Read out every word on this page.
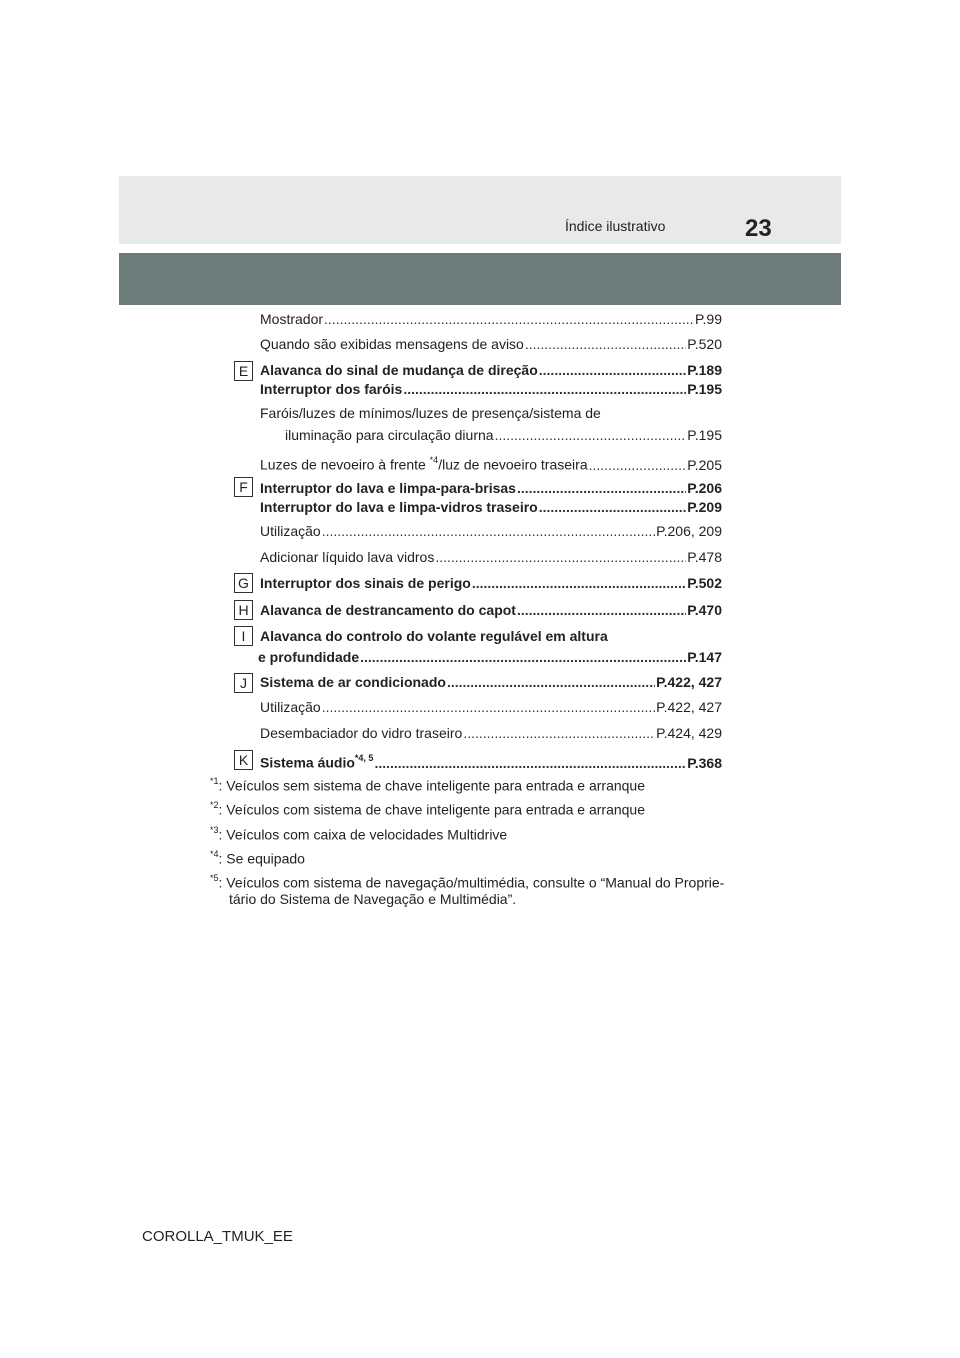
Índice ilustrativo	23
Mostrador .....	P.99
Quando são exibidas mensagens de aviso .....	P.520
E Alavanca do sinal de mudança de direção .....	P.189
Interruptor dos faróis .....	P.195
Faróis/luzes de mínimos/luzes de presença/sistema de
iluminação para circulação diurna .....	P.195
Luzes de nevoeiro à frente $^{*4}$/luz de nevoeiro traseira .....	P.205
F Interruptor do lava e limpa-para-brisas .....	P.206
Interruptor do lava e limpa-vidros traseiro .....	P.209
Utilização .....	P.206, 209
Adicionar líquido lava vidros .....	P.478
G Interruptor dos sinais de perigo .....	P.502
H Alavanca de destrancamento do capot .....	P.470
I	Alavanca do controlo do volante regulável em altura
e profundidade .....	P.147
J Sistema de ar condicionado .....	P.422, 427
Utilização .....	P.422, 427
Desembaciador do vidro traseiro .....	P.424, 429
K Sistema áudio$^{*4, 5}$ .....	P.368
$^{*1}$: Veículos sem sistema de chave inteligente para entrada e arranque
$^{*2}$: Veículos com sistema de chave inteligente para entrada e arranque
$^{*3}$: Veículos com caixa de velocidades Multidrive
$^{*4}$: Se equipado
$^{*5}$: Veículos com sistema de navegação/multimédia, consulte o “Manual do Proprie-
tário do Sistema de Navegação e Multimédia”.
COROLLA_TMUK_EE
